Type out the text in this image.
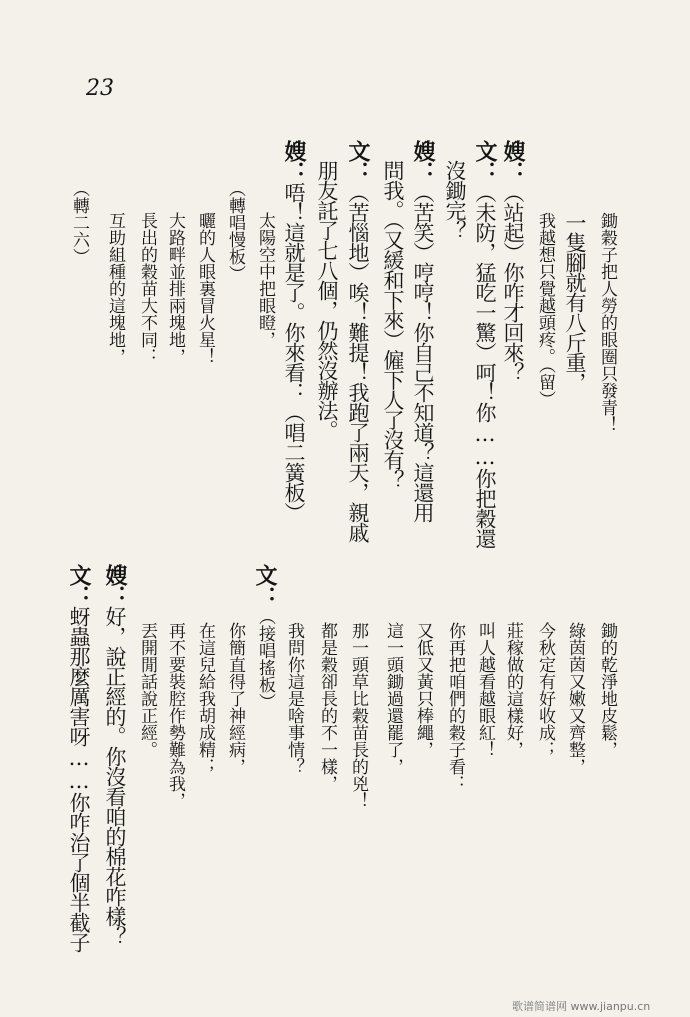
23
鋤穀子把人勞的眼圈只發青！
一隻腳就有八斤重，
我越想只覺越頭疼。（留）
嫂：（站起）你咋才回來？
文：（未防，猛吃一驚）呵！你……你把穀還
沒鋤完？
嫂：（苦笑）哼哼！你自己不知道？這還用
問我。（又緩和下來）僱下人了沒有？
文：（苦惱地）唉！難提！我跑了兩天，親戚
朋友託了七八個，仍然沒辦法。
嫂：唔！這就是了。你來看：（唱二簧板）
太陽空中把眼瞪，
（轉唱慢板）
曬的人眼裏冒火星！
大路畔並排兩塊地，
長出的穀苗大不同：
互助組種的這塊地，
（轉二六）
鋤的乾淨地皮鬆，
綠茵茵又嫩又齊整，
今秋定有好收成；
莊稼做的這樣好，
叫人越看越眼紅！
你再把咱們的穀子看：
又低又黃只棒繩，
這一頭鋤過還罷了，
那一頭草比穀苗長的兇！
都是穀卻長的不一樣，
我問你這是啥事情？
文：（接唱搖板）
你簡直得了神經病，
在這兒給我胡成精；
再不要裝腔作勢難為我，
丟開閒話說正經。
嫂：好，說正經的。你沒看咱的棉花咋樣？
文：蚜蟲那麼厲害呀……你咋治了個半截子
歌谱简谱网 www.jianpu.cn
